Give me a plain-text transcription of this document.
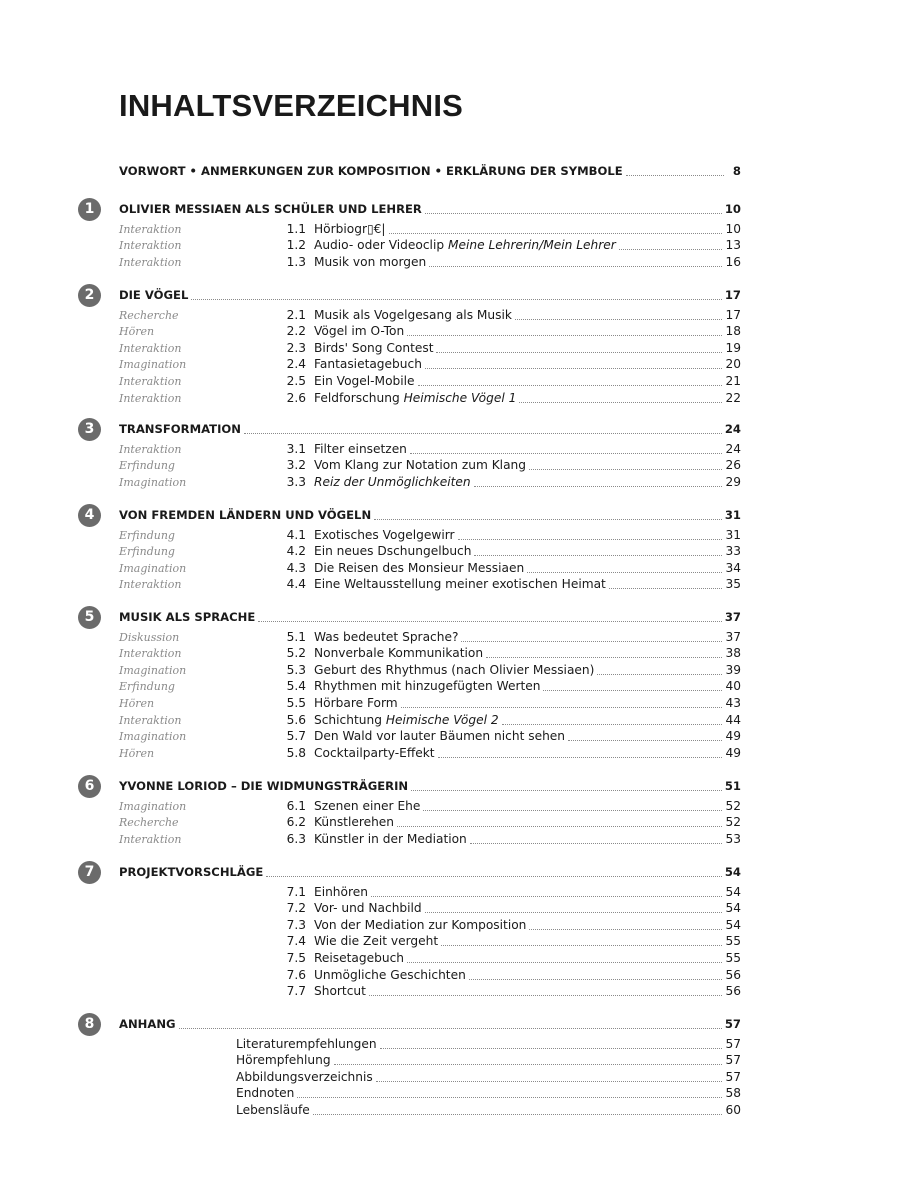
INHALTSVERZEICHNIS
VORWORT • ANMERKUNGEN ZUR KOMPOSITION • ERKLÄRUNG DER SYMBOLE	8
1	OLIVIER MESSIAEN ALS SCHÜLER UND LEHRER	10
Interaktion	1.1 Hörbiogr▯€|	10
Interaktion	1.2 Audio- oder Videoclip Meine Lehrerin/Mein Lehrer	13
Interaktion	1.3 Musik von morgen	16
2	DIE VÖGEL	17
Recherche	2.1 Musik als Vogelgesang als Musik	17
Hören	2.2 Vögel im O-Ton	18
Interaktion	2.3 Birds' Song Contest	19
Imagination	2.4 Fantasietagebuch	20
Interaktion	2.5 Ein Vogel-Mobile	21
Interaktion	2.6 Feldforschung Heimische Vögel 1	22
3	TRANSFORMATION	24
Interaktion	3.1 Filter einsetzen	24
Erfindung	3.2 Vom Klang zur Notation zum Klang	26
Imagination	3.3 Reiz der Unmöglichkeiten	29
4	VON FREMDEN LÄNDERN UND VÖGELN	31
Erfindung	4.1 Exotisches Vogelgewirr	31
Erfindung	4.2 Ein neues Dschungelbuch	33
Imagination	4.3 Die Reisen des Monsieur Messiaen	34
Interaktion	4.4 Eine Weltausstellung meiner exotischen Heimat	35
5	MUSIK ALS SPRACHE	37
Diskussion	5.1 Was bedeutet Sprache?	37
Interaktion	5.2 Nonverbale Kommunikation	38
Imagination	5.3 Geburt des Rhythmus (nach Olivier Messiaen)	39
Erfindung	5.4 Rhythmen mit hinzugefügten Werten	40
Hören	5.5 Hörbare Form	43
Interaktion	5.6 Schichtung Heimische Vögel 2	44
Imagination	5.7 Den Wald vor lauter Bäumen nicht sehen	49
Hören	5.8 Cocktailparty-Effekt	49
6	YVONNE LORIOD – DIE WIDMUNGSTRÄGERIN	51
Imagination	6.1 Szenen einer Ehe	52
Recherche	6.2 Künstlerehen	52
Interaktion	6.3 Künstler in der Mediation	53
7	PROJEKTVORSCHLÄGE	54
7.1 Einhören	54
7.2 Vor- und Nachbild	54
7.3 Von der Mediation zur Komposition	54
7.4 Wie die Zeit vergeht	55
7.5 Reisetagebuch	55
7.6 Unmögliche Geschichten	56
7.7 Shortcut	56
8	ANHANG	57
Literaturempfehlungen	57
Hörempfehlung	57
Abbildungsverzeichnis	57
Endnoten	58
Lebensläufe	60
